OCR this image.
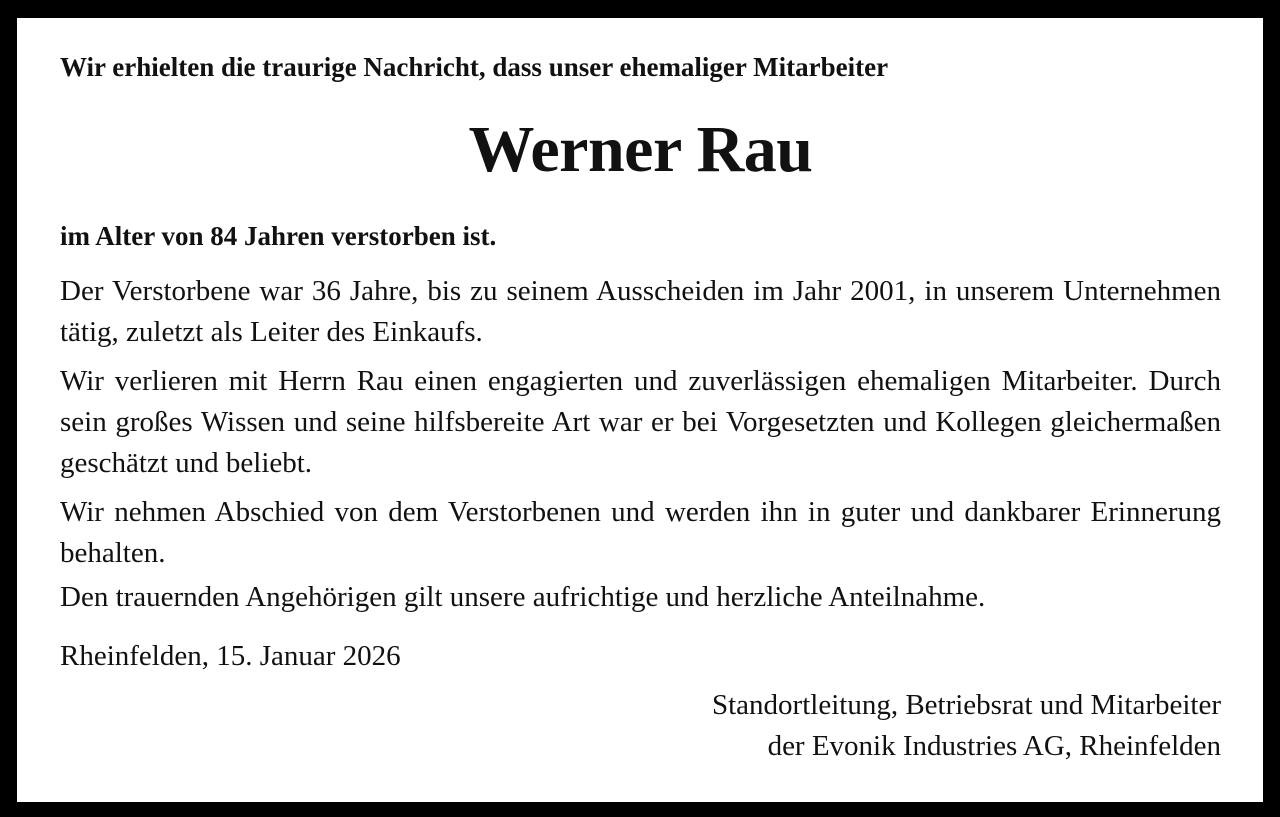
Wir erhielten die traurige Nachricht, dass unser ehemaliger Mitarbeiter
Werner Rau
im Alter von 84 Jahren verstorben ist.
Der Verstorbene war 36 Jahre, bis zu seinem Ausscheiden im Jahr 2001, in unserem Unternehmen tätig, zuletzt als Leiter des Einkaufs.
Wir verlieren mit Herrn Rau einen engagierten und zuverlässigen ehemaligen Mitarbeiter. Durch sein großes Wissen und seine hilfsbereite Art war er bei Vorgesetzten und Kollegen gleichermaßen geschätzt und beliebt.
Wir nehmen Abschied von dem Verstorbenen und werden ihn in guter und dankbarer Erinnerung behalten.
Den trauernden Angehörigen gilt unsere aufrichtige und herzliche Anteilnahme.
Rheinfelden, 15. Januar 2026
Standortleitung, Betriebsrat und Mitarbeiter
der Evonik Industries AG, Rheinfelden
